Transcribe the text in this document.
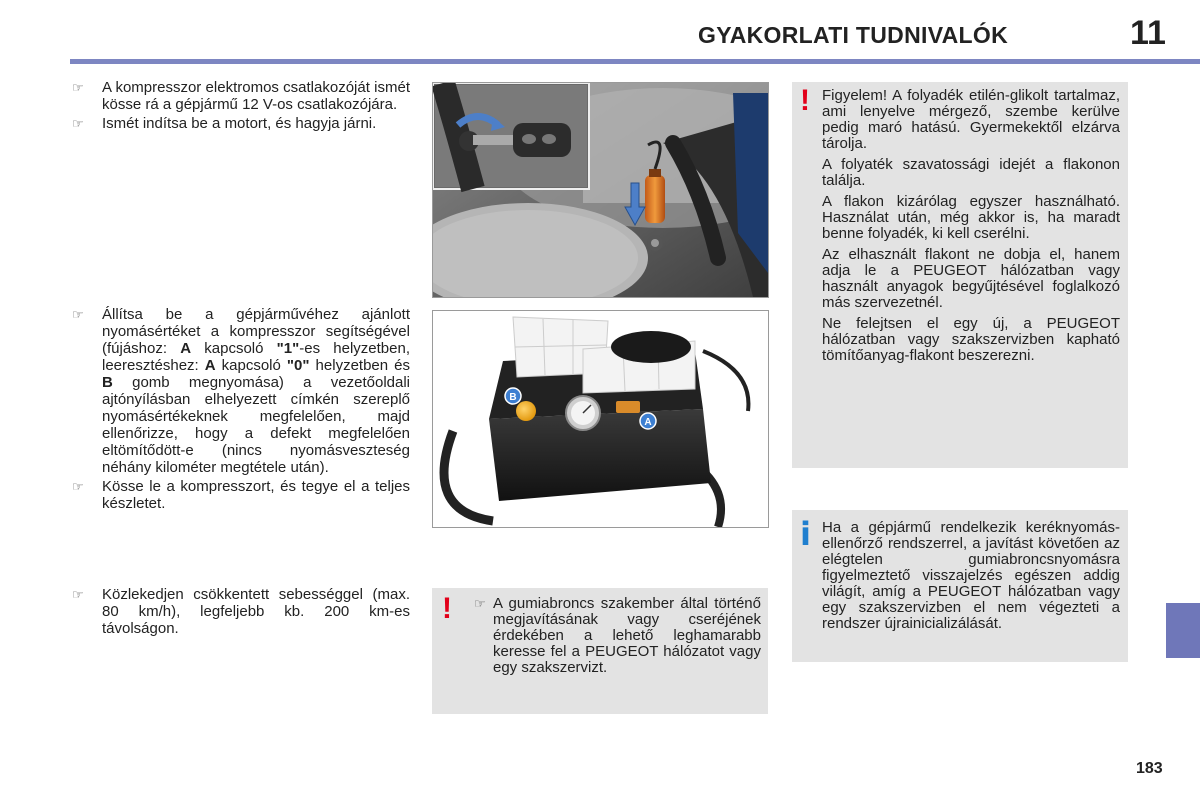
GYAKORLATI TUDNIVALÓK	11
☞	A kompresszor elektromos csatlakozóját ismét kösse rá a gépjármű 12 V-os csatlakozójára.

☞	Ismét indítsa be a motort, és hagyja járni.

☞	Állítsa be a gépjárművéhez ajánlott nyomásértéket a kompresszor segítségével (fújáshoz: A kapcsoló "1"-es helyzetben, leeresztéshez: A kapcsoló "0" helyzetben és B gomb megnyomása) a vezetőoldali ajtónyílásban elhelyezett címkén szereplő nyomásértékeknek megfelelően, majd ellenőrizze, hogy a defekt megfelelően eltömítődött-e (nincs nyomásveszteség néhány kilométer megtétele után).

☞	Kösse le a kompresszort, és tegye el a teljes készletet.

☞	Közlekedjen csökkentett sebességgel (max. 80 km/h), legfeljebb kb. 200 km-es távolságon.

B
A
! Figyelem! A folyadék etilén-glikolt tartalmaz, ami lenyelve mérgező, szembe kerülve pedig maró hatású. Gyermekektől elzárva tárolja.

A folyaték szavatossági idejét a flakonon találja.

A flakon kizárólag egyszer használható. Használat után, még akkor is, ha maradt benne folyadék, ki kell cserélni.

Az elhasznált flakont ne dobja el, hanem adja le a PEUGEOT hálózatban vagy használt anyagok begyűjtésével foglalkozó más szervezetnél.

Ne felejtsen el egy új, a PEUGEOT hálózatban vagy szakszervizben kapható tömítőanyag-flakont beszerezni.

i Ha a gépjármű rendelkezik keréknyomás-ellenőrző rendszerrel, a javítást követően az elégtelen gumiabroncsnyomásra figyelmeztető visszajelzés egészen addig világít, amíg a PEUGEOT hálózatban vagy egy szakszervizben el nem végezteti a rendszer újrainicializálását.

! ☞ A gumiabroncs szakember által történő megjavításának vagy cseréjének érdekében a lehető leghamarabb keresse fel a PEUGEOT hálózatot vagy egy szakszervizt.

183
